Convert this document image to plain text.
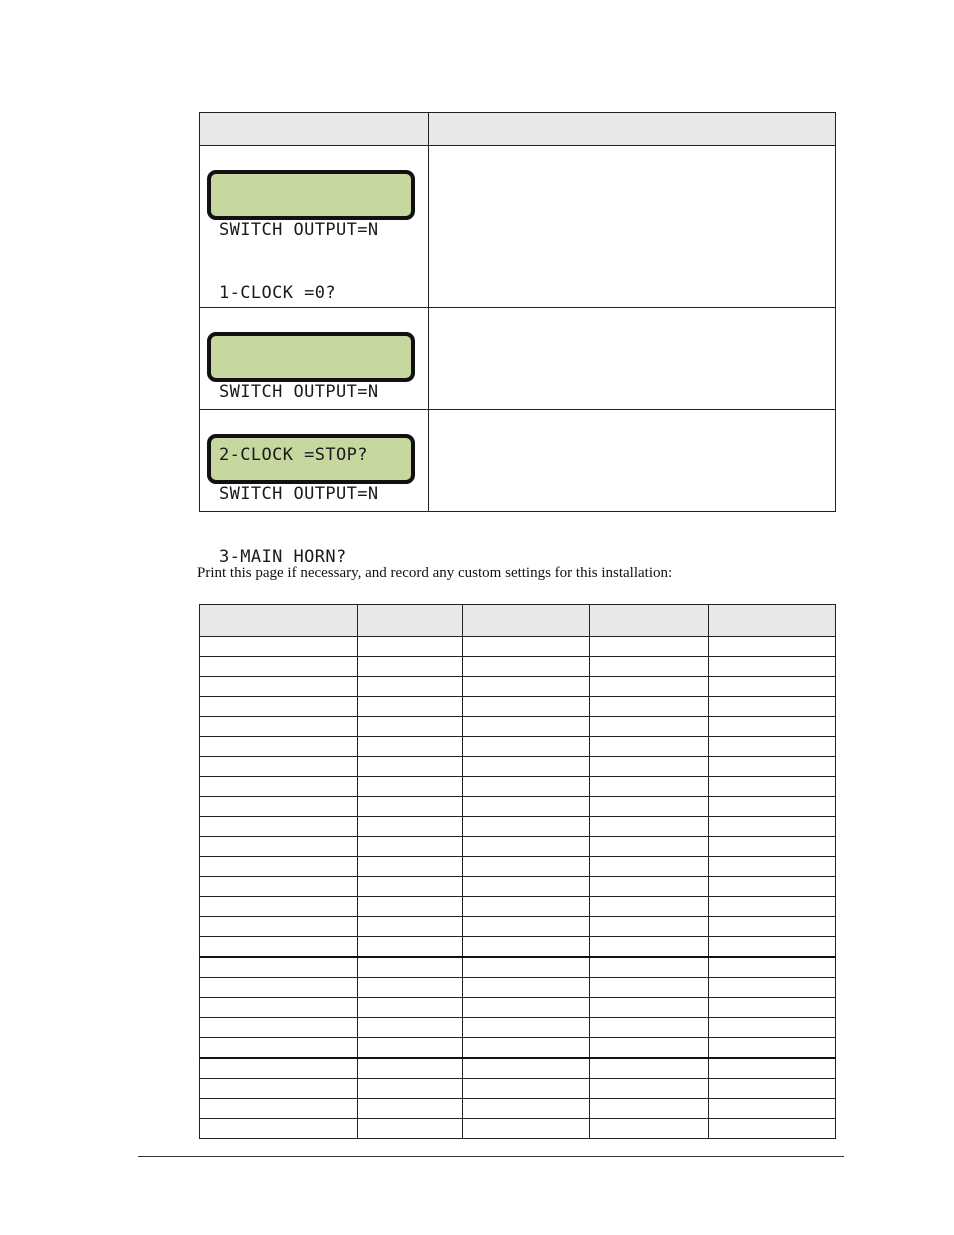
SWITCH OUTPUT=N

1-CLOCK =0?	

SWITCH OUTPUT=N

2-CLOCK =STOP?	

SWITCH OUTPUT=N

3-MAIN HORN?	

Print this page if necessary, and record any custom settings for this installation:
